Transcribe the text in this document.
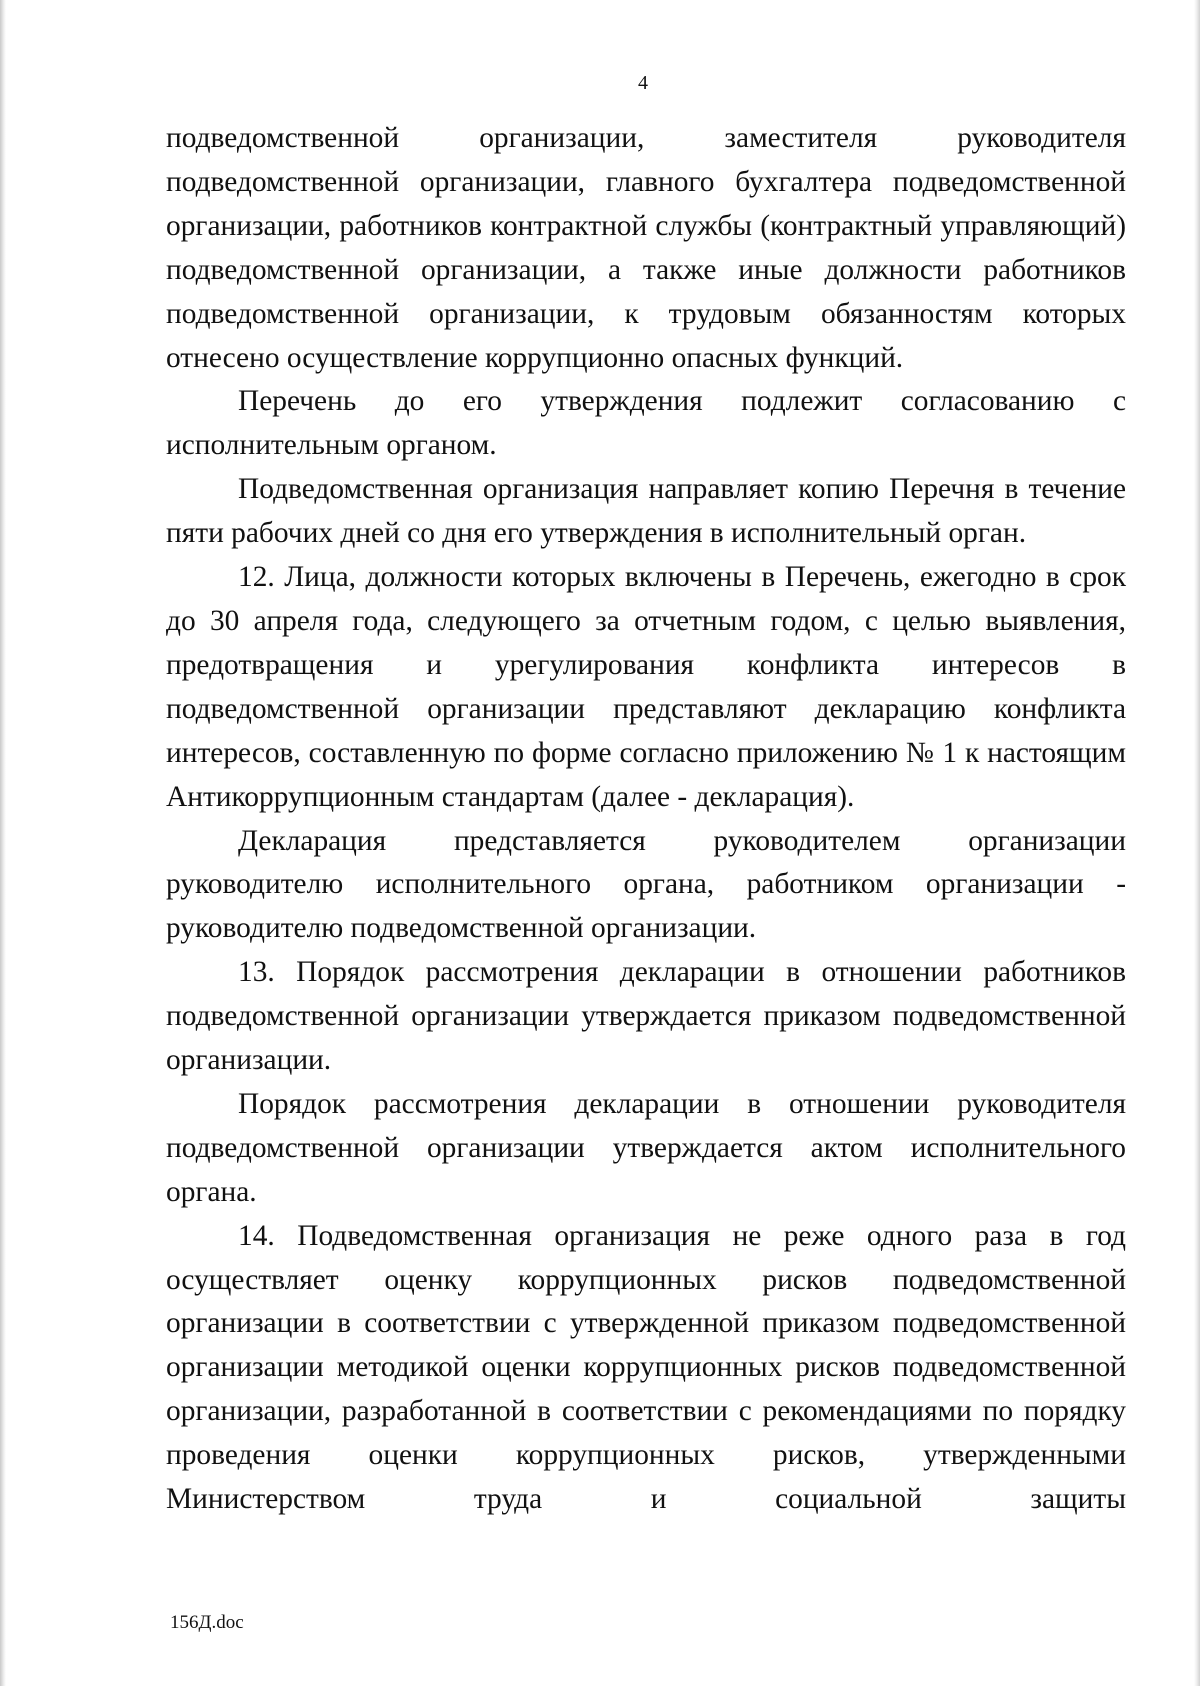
4

подведомственной организации, заместителя руководителя подведомственной организации, главного бухгалтера подведомственной организации, работников контрактной службы (контрактный управляющий) подведомственной организации, а также иные должности работников подведомственной организации, к трудовым обязанностям которых отнесено осуществление коррупционно опасных функций.

Перечень до его утверждения подлежит согласованию с исполнительным органом.

Подведомственная организация направляет копию Перечня в течение пяти рабочих дней со дня его утверждения в исполнительный орган.

12. Лица, должности которых включены в Перечень, ежегодно в срок до 30 апреля года, следующего за отчетным годом, с целью выявления, предотвращения и урегулирования конфликта интересов в подведомственной организации представляют декларацию конфликта интересов, составленную по форме согласно приложению № 1 к настоящим Антикоррупционным стандартам (далее - декларация).

Декларация представляется руководителем организации руководителю исполнительного органа, работником организации - руководителю подведомственной организации.

13. Порядок рассмотрения декларации в отношении работников подведомственной организации утверждается приказом подведомственной организации.

Порядок рассмотрения декларации в отношении руководителя подведомственной организации утверждается актом исполнительного органа.

14. Подведомственная организация не реже одного раза в год осуществляет оценку коррупционных рисков подведомственной организации в соответствии с утвержденной приказом подведомственной организации методикой оценки коррупционных рисков подведомственной организации, разработанной в соответствии с рекомендациями по порядку проведения оценки коррупционных рисков, утвержденными Министерством труда и социальной защиты

156Д.doc
